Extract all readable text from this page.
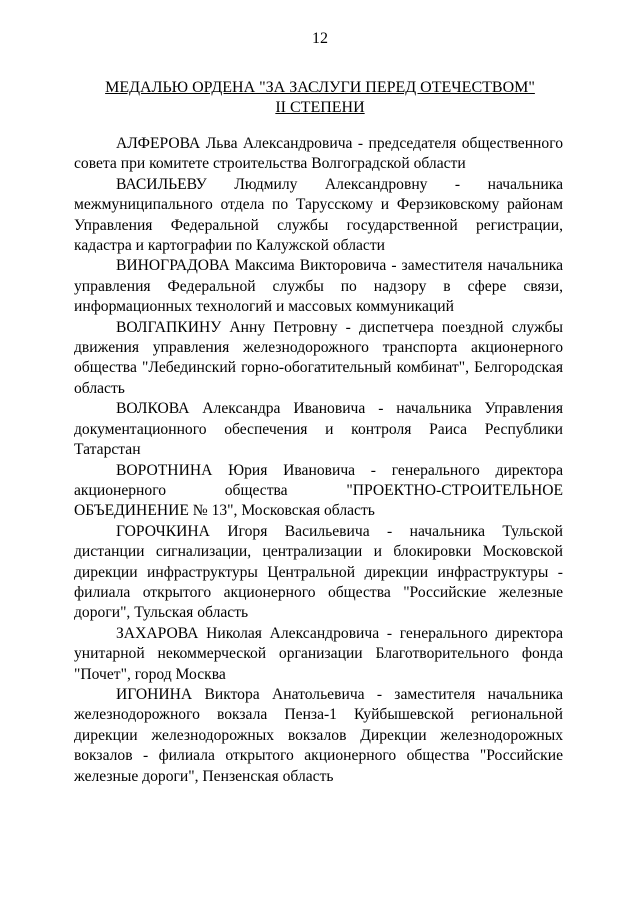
12
МЕДАЛЬЮ ОРДЕНА "ЗА ЗАСЛУГИ ПЕРЕД ОТЕЧЕСТВОМ"
II СТЕПЕНИ

АЛФЕРОВА Льва Александровича - председателя общественного совета при комитете строительства Волгоградской области

ВАСИЛЬЕВУ Людмилу Александровну - начальника межмуниципального отдела по Тарусскому и Ферзиковскому районам Управления Федеральной службы государственной регистрации, кадастра и картографии по Калужской области

ВИНОГРАДОВА Максима Викторовича - заместителя начальника управления Федеральной службы по надзору в сфере связи, информационных технологий и массовых коммуникаций

ВОЛГАПКИНУ Анну Петровну - диспетчера поездной службы движения управления железнодорожного транспорта акционерного общества "Лебединский горно-обогатительный комбинат", Белгородская область

ВОЛКОВА Александра Ивановича - начальника Управления документационного обеспечения и контроля Раиса Республики Татарстан

ВОРОТНИНА Юрия Ивановича - генерального директора акционерного общества "ПРОЕКТНО-СТРОИТЕЛЬНОЕ ОБЪЕДИНЕНИЕ № 13", Московская область

ГОРОЧКИНА Игоря Васильевича - начальника Тульской дистанции сигнализации, централизации и блокировки Московской дирекции инфраструктуры Центральной дирекции инфраструктуры - филиала открытого акционерного общества "Российские железные дороги", Тульская область

ЗАХАРОВА Николая Александровича - генерального директора унитарной некоммерческой организации Благотворительного фонда "Почет", город Москва

ИГОНИНА Виктора Анатольевича - заместителя начальника железнодорожного вокзала Пенза-1 Куйбышевской региональной дирекции железнодорожных вокзалов Дирекции железнодорожных вокзалов - филиала открытого акционерного общества "Российские железные дороги", Пензенская область
